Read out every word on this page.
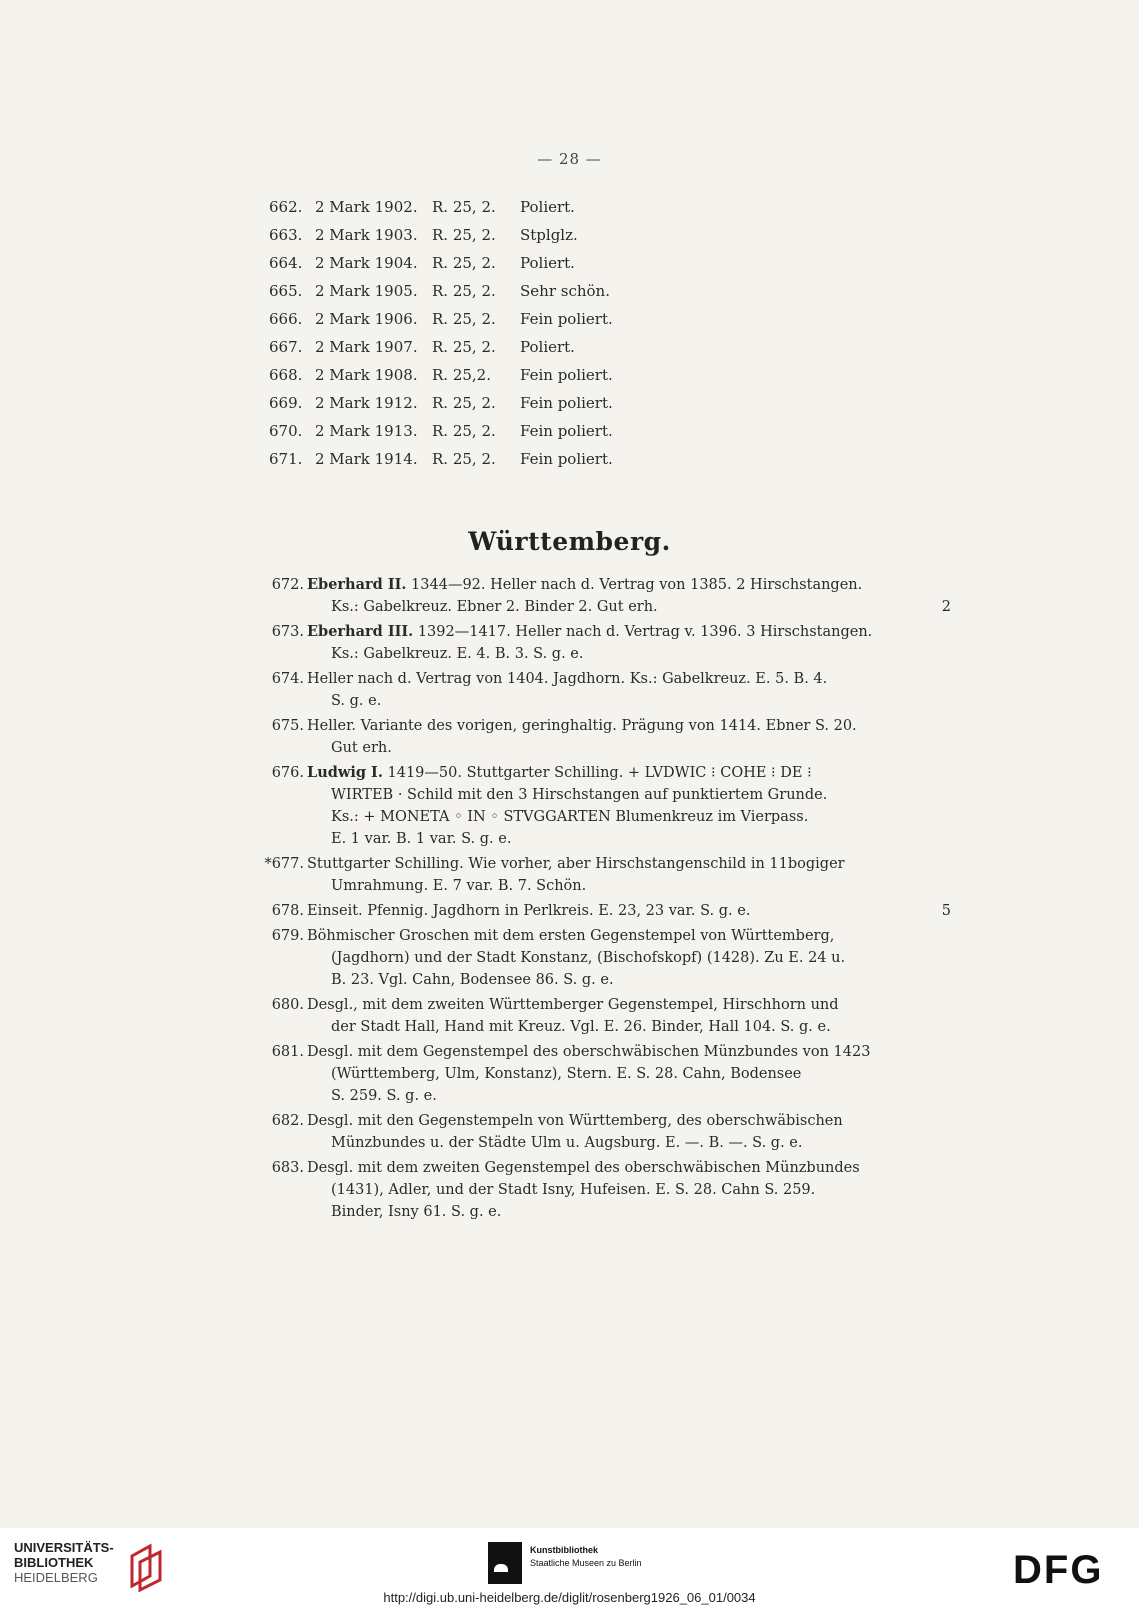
— 28 —
662. 2 Mark 1902. R. 25, 2. Poliert.
663. 2 Mark 1903. R. 25, 2. Stplglz.
664. 2 Mark 1904. R. 25, 2. Poliert.
665. 2 Mark 1905. R. 25, 2. Sehr schön.
666. 2 Mark 1906. R. 25, 2. Fein poliert.
667. 2 Mark 1907. R. 25, 2. Poliert.
668. 2 Mark 1908. R. 25,2. Fein poliert.
669. 2 Mark 1912. R. 25, 2. Fein poliert.
670. 2 Mark 1913. R. 25, 2. Fein poliert.
671. 2 Mark 1914. R. 25, 2. Fein poliert.
Württemberg.
672. Eberhard II. 1344—92. Heller nach d. Vertrag von 1385. 2 Hirschstangen.
Ks.: Gabelkreuz. Ebner 2. Binder 2. Gut erh.	2
673. Eberhard III. 1392—1417. Heller nach d. Vertrag v. 1396. 3 Hirschstangen.
Ks.: Gabelkreuz. E. 4. B. 3. S. g. e.
674. Heller nach d. Vertrag von 1404. Jagdhorn. Ks.: Gabelkreuz. E. 5. B. 4.
S. g. e.
675. Heller. Variante des vorigen, geringhaltig. Prägung von 1414. Ebner S. 20.
Gut erh.
676. Ludwig I. 1419—50. Stuttgarter Schilling. + LVDWIC ⁝ COHE ⁝ DE ⁝
WIRTEB · Schild mit den 3 Hirschstangen auf punktiertem Grunde.
Ks.: + MONETA ◦ IN ◦ STVGGARTEN Blumenkreuz im Vierpass.
E. 1 var. B. 1 var. S. g. e.
*677. Stuttgarter Schilling. Wie vorher, aber Hirschstangenschild in 11bogiger
Umrahmung. E. 7 var. B. 7. Schön.
678. Einseit. Pfennig. Jagdhorn in Perlkreis. E. 23, 23 var. S. g. e.	5
679. Böhmischer Groschen mit dem ersten Gegenstempel von Württemberg,
(Jagdhorn) und der Stadt Konstanz, (Bischofskopf) (1428). Zu E. 24 u.
B. 23. Vgl. Cahn, Bodensee 86. S. g. e.
680. Desgl., mit dem zweiten Württemberger Gegenstempel, Hirschhorn und
der Stadt Hall, Hand mit Kreuz. Vgl. E. 26. Binder, Hall 104. S. g. e.
681. Desgl. mit dem Gegenstempel des oberschwäbischen Münzbundes von 1423
(Württemberg, Ulm, Konstanz), Stern. E. S. 28. Cahn, Bodensee
S. 259. S. g. e.
682. Desgl. mit den Gegenstempeln von Württemberg, des oberschwäbischen
Münzbundes u. der Städte Ulm u. Augsburg. E. —. B. —. S. g. e.
683. Desgl. mit dem zweiten Gegenstempel des oberschwäbischen Münzbundes
(1431), Adler, und der Stadt Isny, Hufeisen. E. S. 28. Cahn S. 259.
Binder, Isny 61. S. g. e.
UNIVERSITÄTS-
BIBLIOTHEK
HEIDELBERG
Kunstbibliothek
Staatliche Museen zu Berlin	DFG
http://digi.ub.uni-heidelberg.de/diglit/rosenberg1926_06_01/0034
